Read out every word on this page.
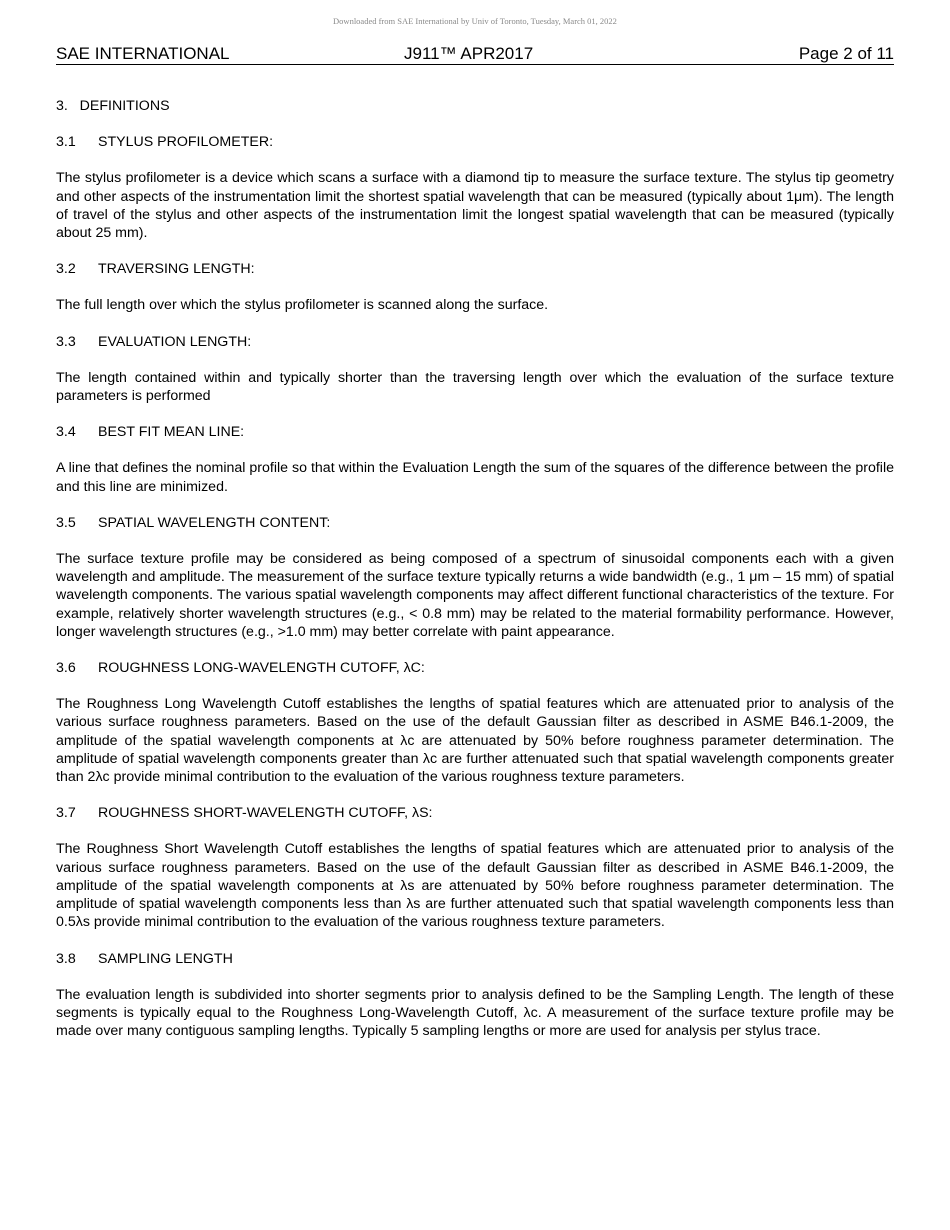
Downloaded from SAE International by Univ of Toronto, Tuesday, March 01, 2022
SAE INTERNATIONAL	J911™ APR2017	Page 2 of 11
3. DEFINITIONS
3.1 STYLUS PROFILOMETER:

The stylus profilometer is a device which scans a surface with a diamond tip to measure the surface texture. The stylus tip geometry and other aspects of the instrumentation limit the shortest spatial wavelength that can be measured (typically about 1μm). The length of travel of the stylus and other aspects of the instrumentation limit the longest spatial wavelength that can be measured (typically about 25 mm).

3.2 TRAVERSING LENGTH:

The full length over which the stylus profilometer is scanned along the surface.

3.3 EVALUATION LENGTH:

The length contained within and typically shorter than the traversing length over which the evaluation of the surface texture parameters is performed

3.4 BEST FIT MEAN LINE:

A line that defines the nominal profile so that within the Evaluation Length the sum of the squares of the difference between the profile and this line are minimized.

3.5 SPATIAL WAVELENGTH CONTENT:

The surface texture profile may be considered as being composed of a spectrum of sinusoidal components each with a given wavelength and amplitude. The measurement of the surface texture typically returns a wide bandwidth (e.g., 1 μm – 15 mm) of spatial wavelength components. The various spatial wavelength components may affect different functional characteristics of the texture. For example, relatively shorter wavelength structures (e.g., < 0.8 mm) may be related to the material formability performance. However, longer wavelength structures (e.g., >1.0 mm) may better correlate with paint appearance.

3.6 ROUGHNESS LONG-WAVELENGTH CUTOFF, λC:

The Roughness Long Wavelength Cutoff establishes the lengths of spatial features which are attenuated prior to analysis of the various surface roughness parameters. Based on the use of the default Gaussian filter as described in ASME B46.1-2009, the amplitude of the spatial wavelength components at λc are attenuated by 50% before roughness parameter determination. The amplitude of spatial wavelength components greater than λc are further attenuated such that spatial wavelength components greater than 2λc provide minimal contribution to the evaluation of the various roughness texture parameters.

3.7 ROUGHNESS SHORT-WAVELENGTH CUTOFF, λS:

The Roughness Short Wavelength Cutoff establishes the lengths of spatial features which are attenuated prior to analysis of the various surface roughness parameters. Based on the use of the default Gaussian filter as described in ASME B46.1-2009, the amplitude of the spatial wavelength components at λs are attenuated by 50% before roughness parameter determination. The amplitude of spatial wavelength components less than λs are further attenuated such that spatial wavelength components less than 0.5λs provide minimal contribution to the evaluation of the various roughness texture parameters.

3.8 SAMPLING LENGTH

The evaluation length is subdivided into shorter segments prior to analysis defined to be the Sampling Length. The length of these segments is typically equal to the Roughness Long-Wavelength Cutoff, λc. A measurement of the surface texture profile may be made over many contiguous sampling lengths. Typically 5 sampling lengths or more are used for analysis per stylus trace.
